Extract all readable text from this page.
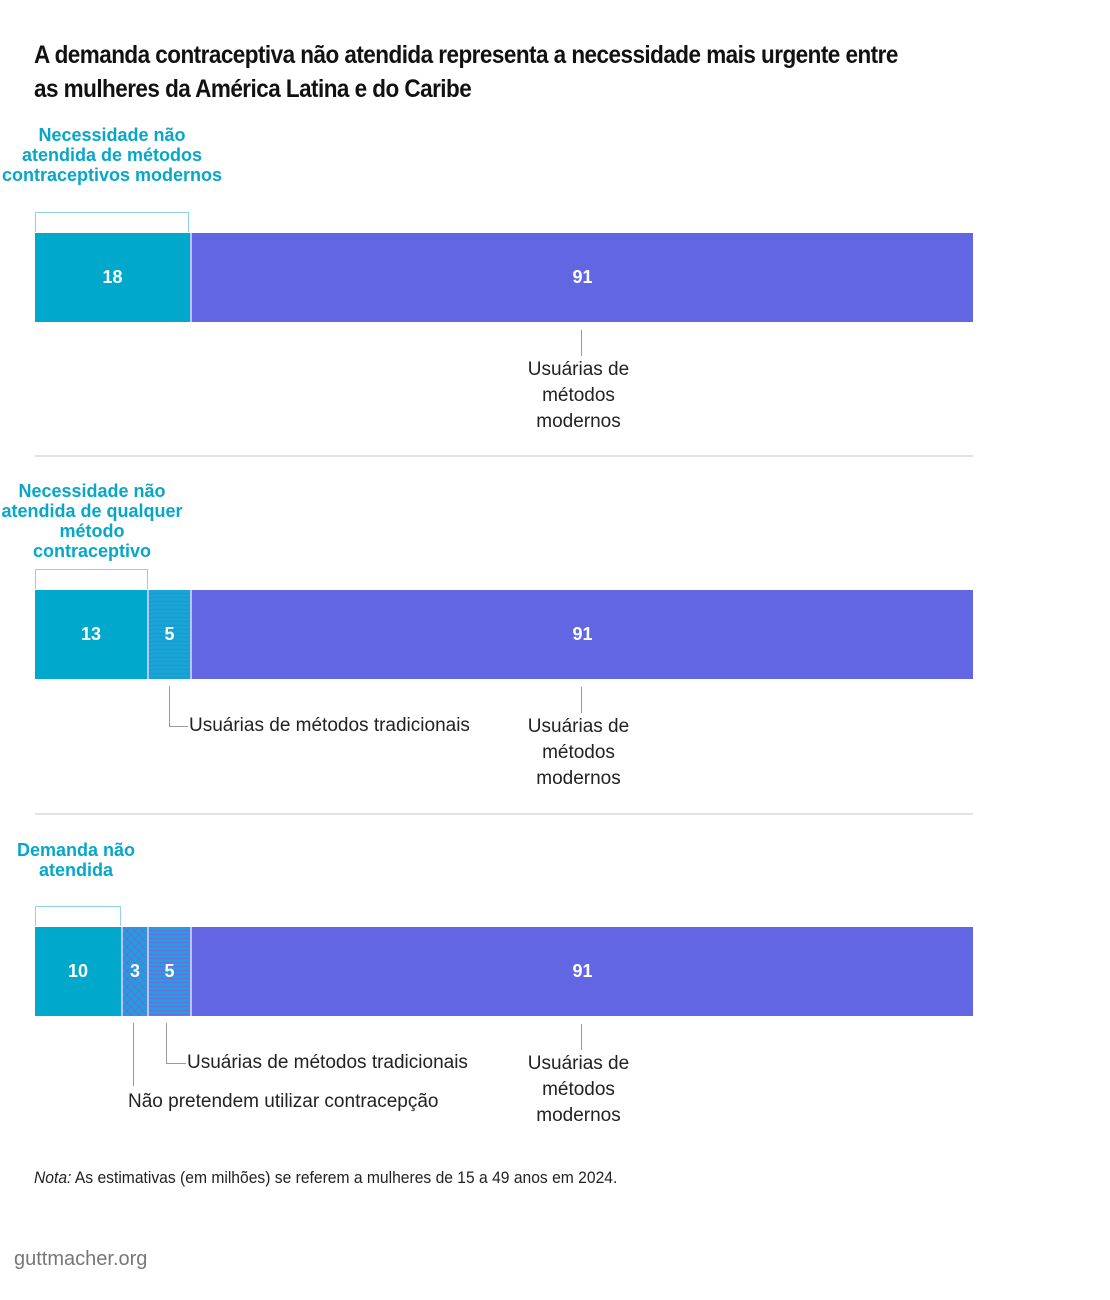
A demanda contraceptiva não atendida representa a necessidade mais urgente entre as mulheres da América Latina e do Caribe
Necessidade não atendida de métodos contraceptivos modernos
18	91
Usuárias de métodos modernos
Necessidade não atendida de qualquer método contraceptivo
13	5	91
Usuárias de métodos tradicionais	Usuárias de métodos modernos
Demanda não atendida
10	3	5	91
Usuárias de métodos tradicionais
Não pretendem utilizar contracepção
Usuárias de métodos modernos
Nota: As estimativas (em milhões) se referem a mulheres de 15 a 49 anos em 2024.
guttmacher.org
